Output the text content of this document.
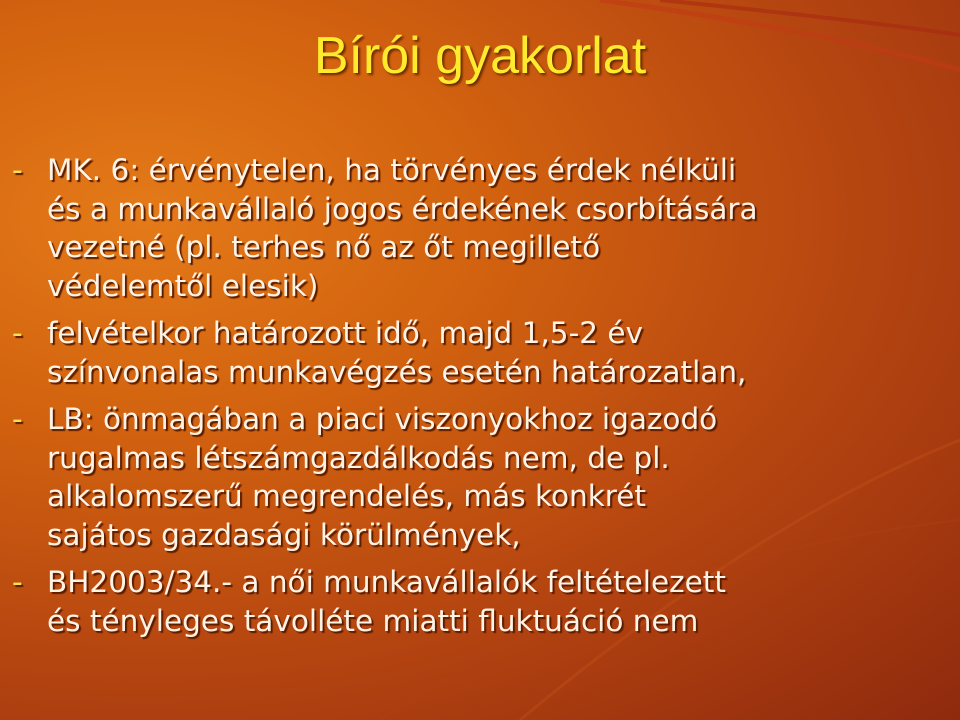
Bírói gyakorlat
- MK. 6: érvénytelen, ha törvényes érdek nélküli
és a munkavállaló jogos érdekének csorbítására
vezetné (pl. terhes nő az őt megillető
védelemtől elesik)
- felvételkor határozott idő, majd 1,5-2 év
színvonalas munkavégzés esetén határozatlan,
- LB: önmagában a piaci viszonyokhoz igazodó
rugalmas létszámgazdálkodás nem, de pl.
alkalomszerű megrendelés, más konkrét
sajátos gazdasági körülmények,
- BH2003/34.- a női munkavállalók feltételezett
és tényleges távolléte miatti fluktuáció nem
